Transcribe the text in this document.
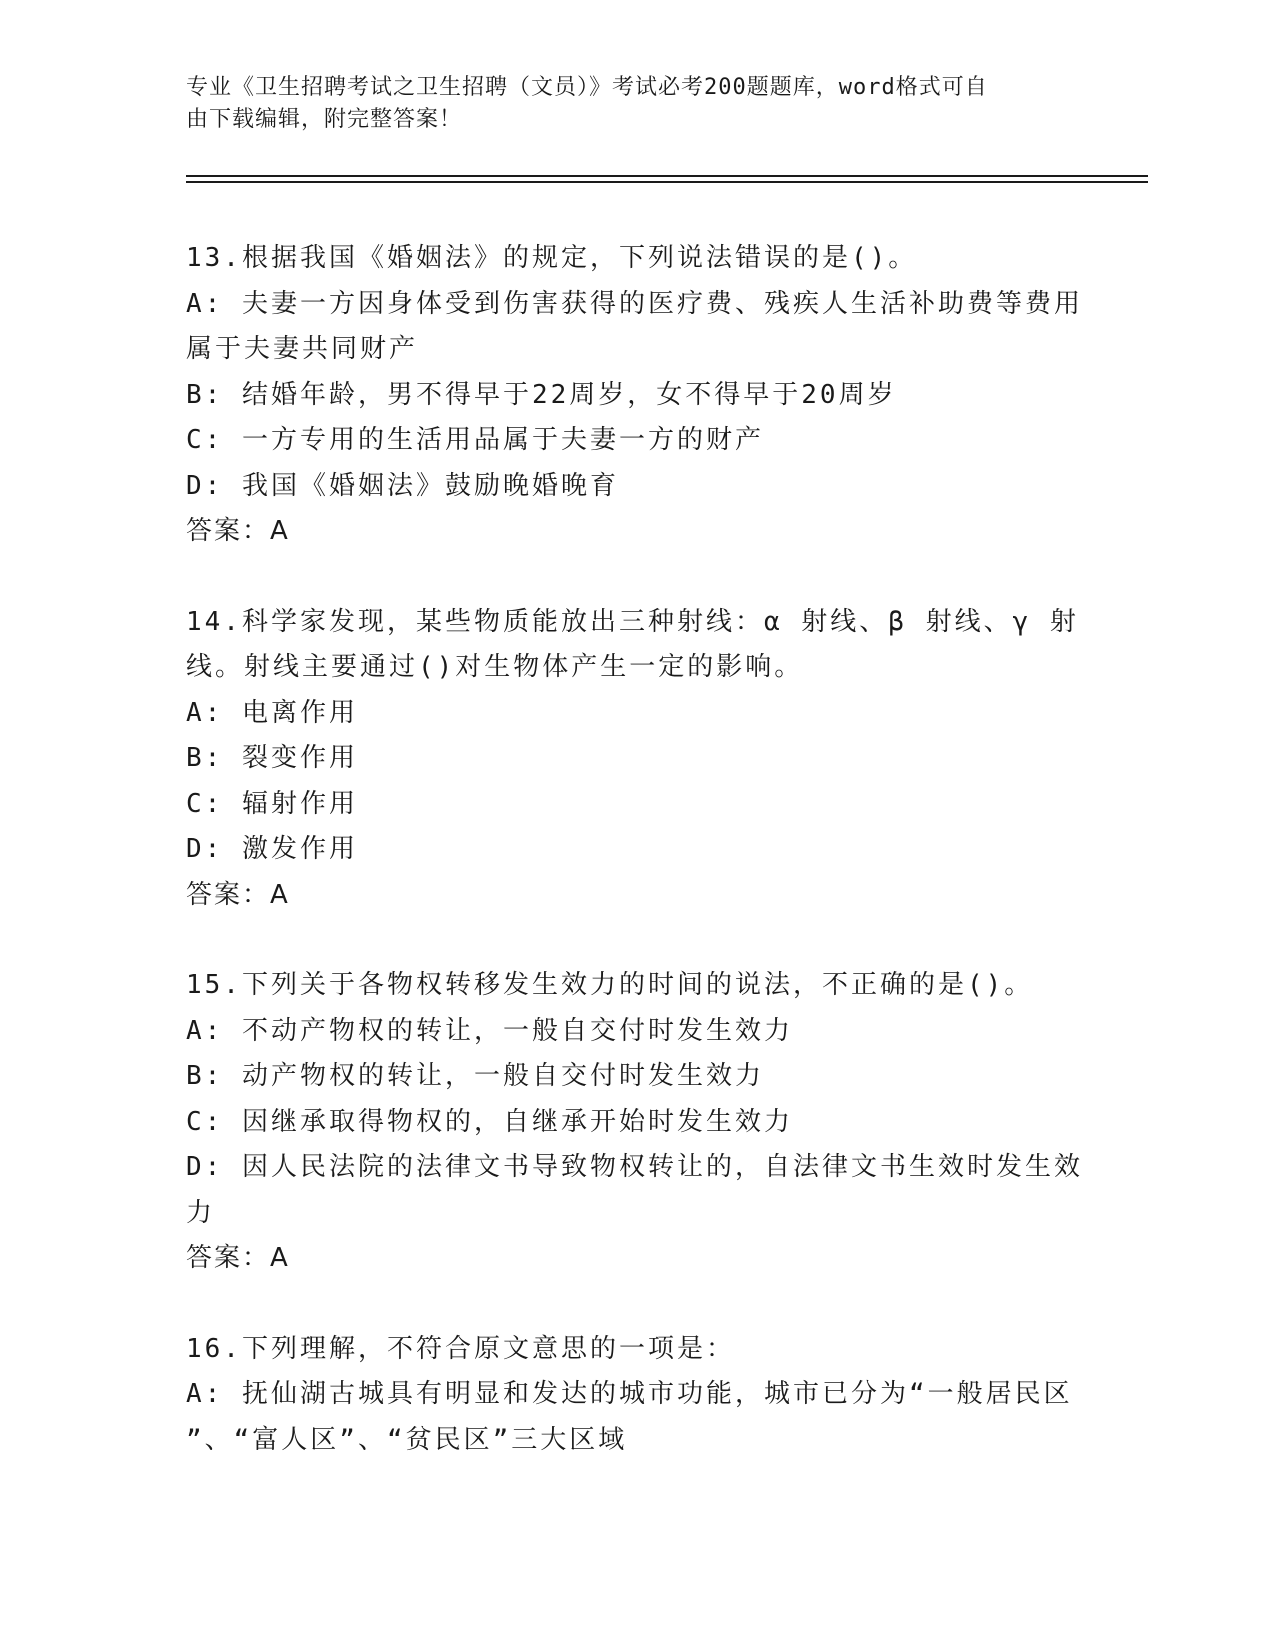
专业《卫生招聘考试之卫生招聘（文员）》考试必考200题题库，word格式可自
由下载编辑，附完整答案！
13.根据我国《婚姻法》的规定，下列说法错误的是()。
A: 夫妻一方因身体受到伤害获得的医疗费、残疾人生活补助费等费用
属于夫妻共同财产
B: 结婚年龄，男不得早于22周岁，女不得早于20周岁
C: 一方专用的生活用品属于夫妻一方的财产
D: 我国《婚姻法》鼓励晚婚晚育
答案：A
14.科学家发现，某些物质能放出三种射线：α 射线、β 射线、γ 射
线。射线主要通过()对生物体产生一定的影响。
A: 电离作用
B: 裂变作用
C: 辐射作用
D: 激发作用
答案：A
15.下列关于各物权转移发生效力的时间的说法，不正确的是()。
A: 不动产物权的转让，一般自交付时发生效力
B: 动产物权的转让，一般自交付时发生效力
C: 因继承取得物权的，自继承开始时发生效力
D: 因人民法院的法律文书导致物权转让的，自法律文书生效时发生效
力
答案：A
16.下列理解，不符合原文意思的一项是：
A: 抚仙湖古城具有明显和发达的城市功能，城市已分为“一般居民区
”、“富人区”、“贫民区”三大区域
